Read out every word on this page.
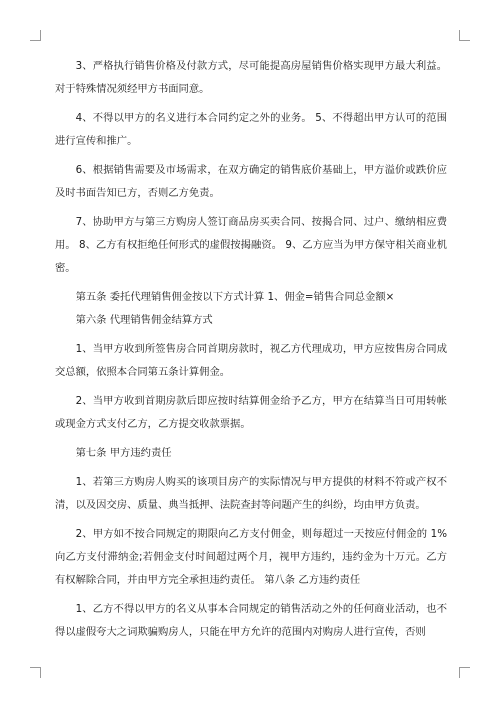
3、严格执行销售价格及付款方式，尽可能提高房屋销售价格实现甲方最大利益。对于特殊情况须经甲方书面同意。

4、不得以甲方的名义进行本合同约定之外的业务。 5、不得超出甲方认可的范围进行宣传和推广。

6、根据销售需要及市场需求，在双方确定的销售底价基础上，甲方溢价或跌价应及时书面告知已方，否则乙方免责。

7、协助甲方与第三方购房人签订商品房买卖合同、按揭合同、过户、缴纳相应费用。 8、乙方有权拒绝任何形式的虚假按揭融资。 9、乙方应当为甲方保守相关商业机密。

第五条 委托代理销售佣金按以下方式计算 1、佣金=销售合同总金额×

第六条 代理销售佣金结算方式

1、当甲方收到所签售房合同首期房款时，视乙方代理成功，甲方应按售房合同成交总额，依照本合同第五条计算佣金。

2、当甲方收到首期房款后即应按时结算佣金给予乙方，甲方在结算当日可用转帐或现金方式支付乙方，乙方提交收款票据。

第七条 甲方违约责任

1、若第三方购房人购买的该项目房产的实际情况与甲方提供的材料不符或产权不清，以及因交房、质量、典当抵押、法院查封等问题产生的纠纷，均由甲方负责。

2、甲方如不按合同规定的期限向乙方支付佣金，则每超过一天按应付佣金的 1%向乙方支付滞纳金;若佣金支付时间超过两个月，视甲方违约，违约金为十万元。乙方有权解除合同，并由甲方完全承担违约责任。 第八条 乙方违约责任

1、乙方不得以甲方的名义从事本合同规定的销售活动之外的任何商业活动，也不得以虚假夸大之词欺骗购房人，只能在甲方允许的范围内对购房人进行宣传，否则
